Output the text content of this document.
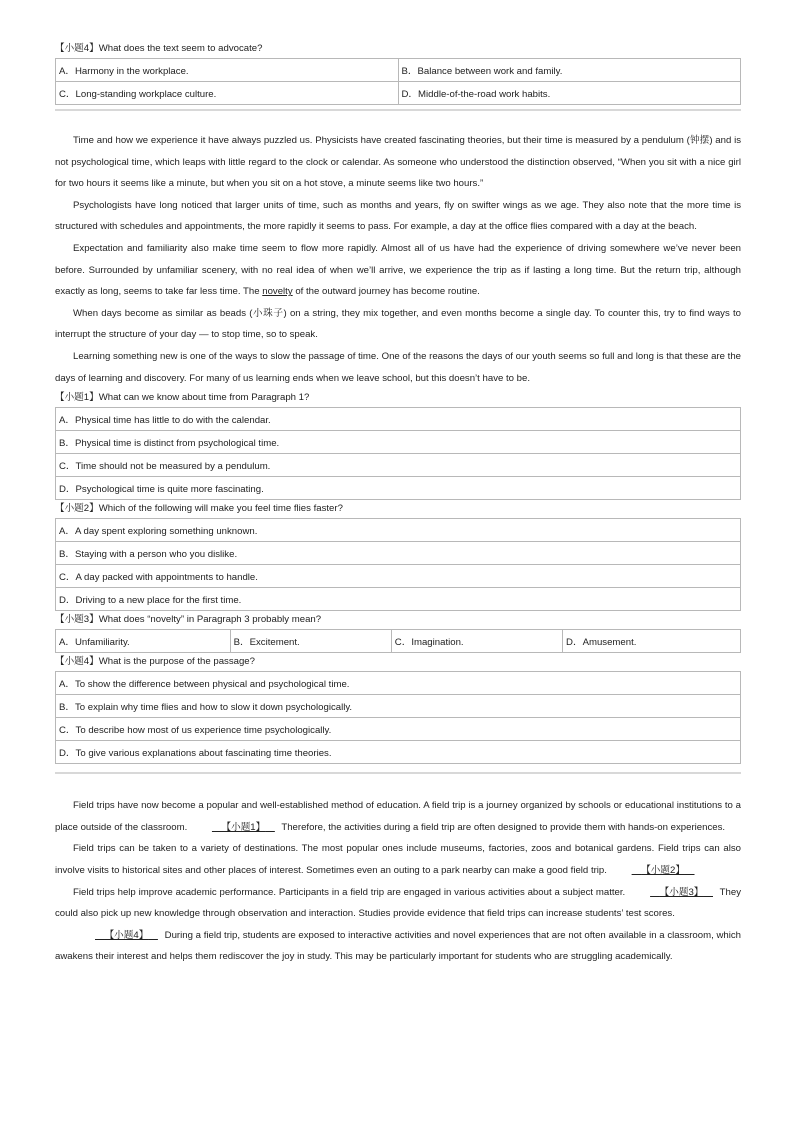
【小题4】What does the text seem to advocate?
A．Harmony in the workplace.	B．Balance between work and family.
C．Long-standing workplace culture.	D．Middle-of-the-road work habits.

Time and how we experience it have always puzzled us. Physicists have created fascinating theories, but their time is measured by a pendulum (钟摆) and is not psychological time, which leaps with little regard to the clock or calendar. As someone who understood the distinction observed, “When you sit with a nice girl for two hours it seems like a minute, but when you sit on a hot stove, a minute seems like two hours.”

Psychologists have long noticed that larger units of time, such as months and years, fly on swifter wings as we age. They also note that the more time is structured with schedules and appointments, the more rapidly it seems to pass. For example, a day at the office flies compared with a day at the beach.

Expectation and familiarity also make time seem to flow more rapidly. Almost all of us have had the experience of driving somewhere we’ve never been before. Surrounded by unfamiliar scenery, with no real idea of when we’ll arrive, we experience the trip as if lasting a long time. But the return trip, although exactly as long, seems to take far less time. The novelty of the outward journey has become routine.

When days become as similar as beads (小珠子) on a string, they mix together, and even months become a single day. To counter this, try to find ways to interrupt the structure of your day — to stop time, so to speak.

Learning something new is one of the ways to slow the passage of time. One of the reasons the days of our youth seems so full and long is that these are the days of learning and discovery. For many of us learning ends when we leave school, but this doesn’t have to be.

【小题1】What can we know about time from Paragraph 1?
A．Physical time has little to do with the calendar.
B．Physical time is distinct from psychological time.
C．Time should not be measured by a pendulum.
D．Psychological time is quite more fascinating.
【小题2】Which of the following will make you feel time flies faster?
A．A day spent exploring something unknown.
B．Staying with a person who you dislike.
C．A day packed with appointments to handle.
D．Driving to a new place for the first time.
【小题3】What does “novelty” in Paragraph 3 probably mean?
A．Unfamiliarity.	B．Excitement.	C．Imagination.	D．Amusement.
【小题4】What is the purpose of the passage?
A．To show the difference between physical and psychological time.
B．To explain why time flies and how to slow it down psychologically.
C．To describe how most of us experience time psychologically.
D．To give various explanations about fascinating time theories.

Field trips have now become a popular and well-established method of education. A field trip is a journey organized by schools or educational institutions to a place outside of the classroom.   	【小题1】   Therefore, the activities during a field trip are often designed to provide them with hands-on experiences.

Field trips can be taken to a variety of destinations. The most popular ones include museums, factories, zoos and botanical gardens. Field trips can also involve visits to historical sites and other places of interest. Sometimes even an outing to a park nearby can make a good field trip.   	【小题2】  

Field trips help improve academic performance. Participants in a field trip are engaged in various activities about a subject matter.   	【小题3】   They could also pick up new knowledge through observation and interaction. Studies provide evidence that field trips can increase students’ test scores.

  【小题4】   During a field trip, students are exposed to interactive activities and novel experiences that are not often available in a classroom, which awakens their interest and helps them rediscover the joy in study. This may be particularly important for students who are struggling academically.
